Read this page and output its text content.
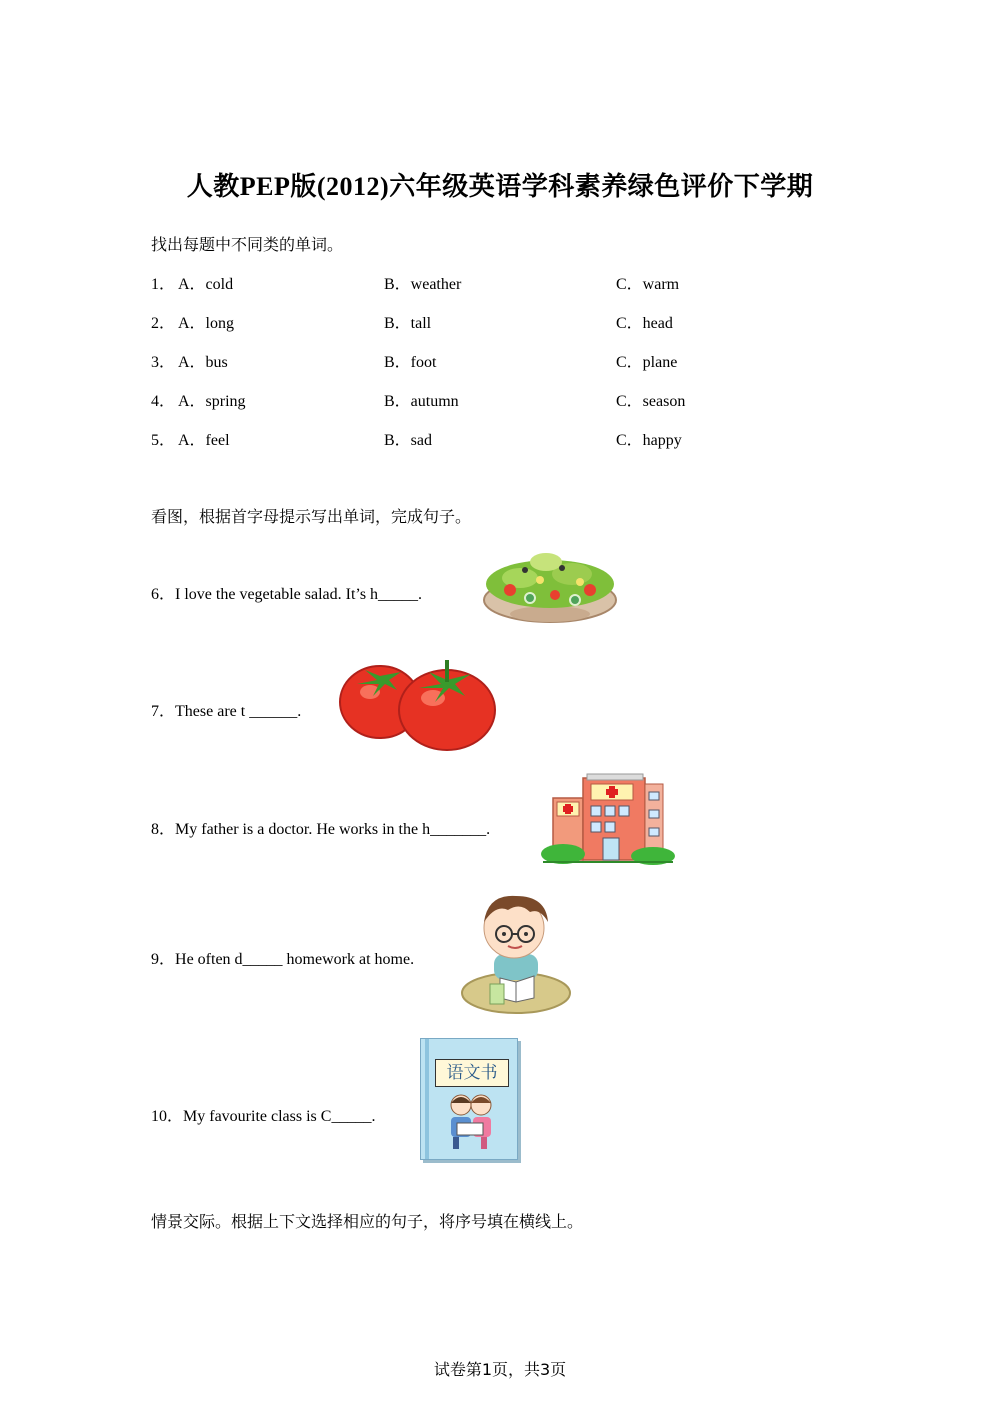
人教PEP版(2012)六年级英语学科素养绿色评价下学期
找出每题中不同类的单词。
1． A．cold	B．weather	C．warm
2． A．long	B．tall	C．head
3． A．bus	B．foot	C．plane
4． A．spring	B．autumn	C．season
5． A．feel	B．sad	C．happy
看图，根据首字母提示写出单词，完成句子。
6．I love the vegetable salad. It’s h_____.
7．These are t ______.
8．My father is a doctor. He works in the h_______.
9．He often d_____ homework at home.
10．My favourite class is C_____.
语文书
情景交际。根据上下文选择相应的句子，将序号填在横线上。
试卷第1页，共3页
